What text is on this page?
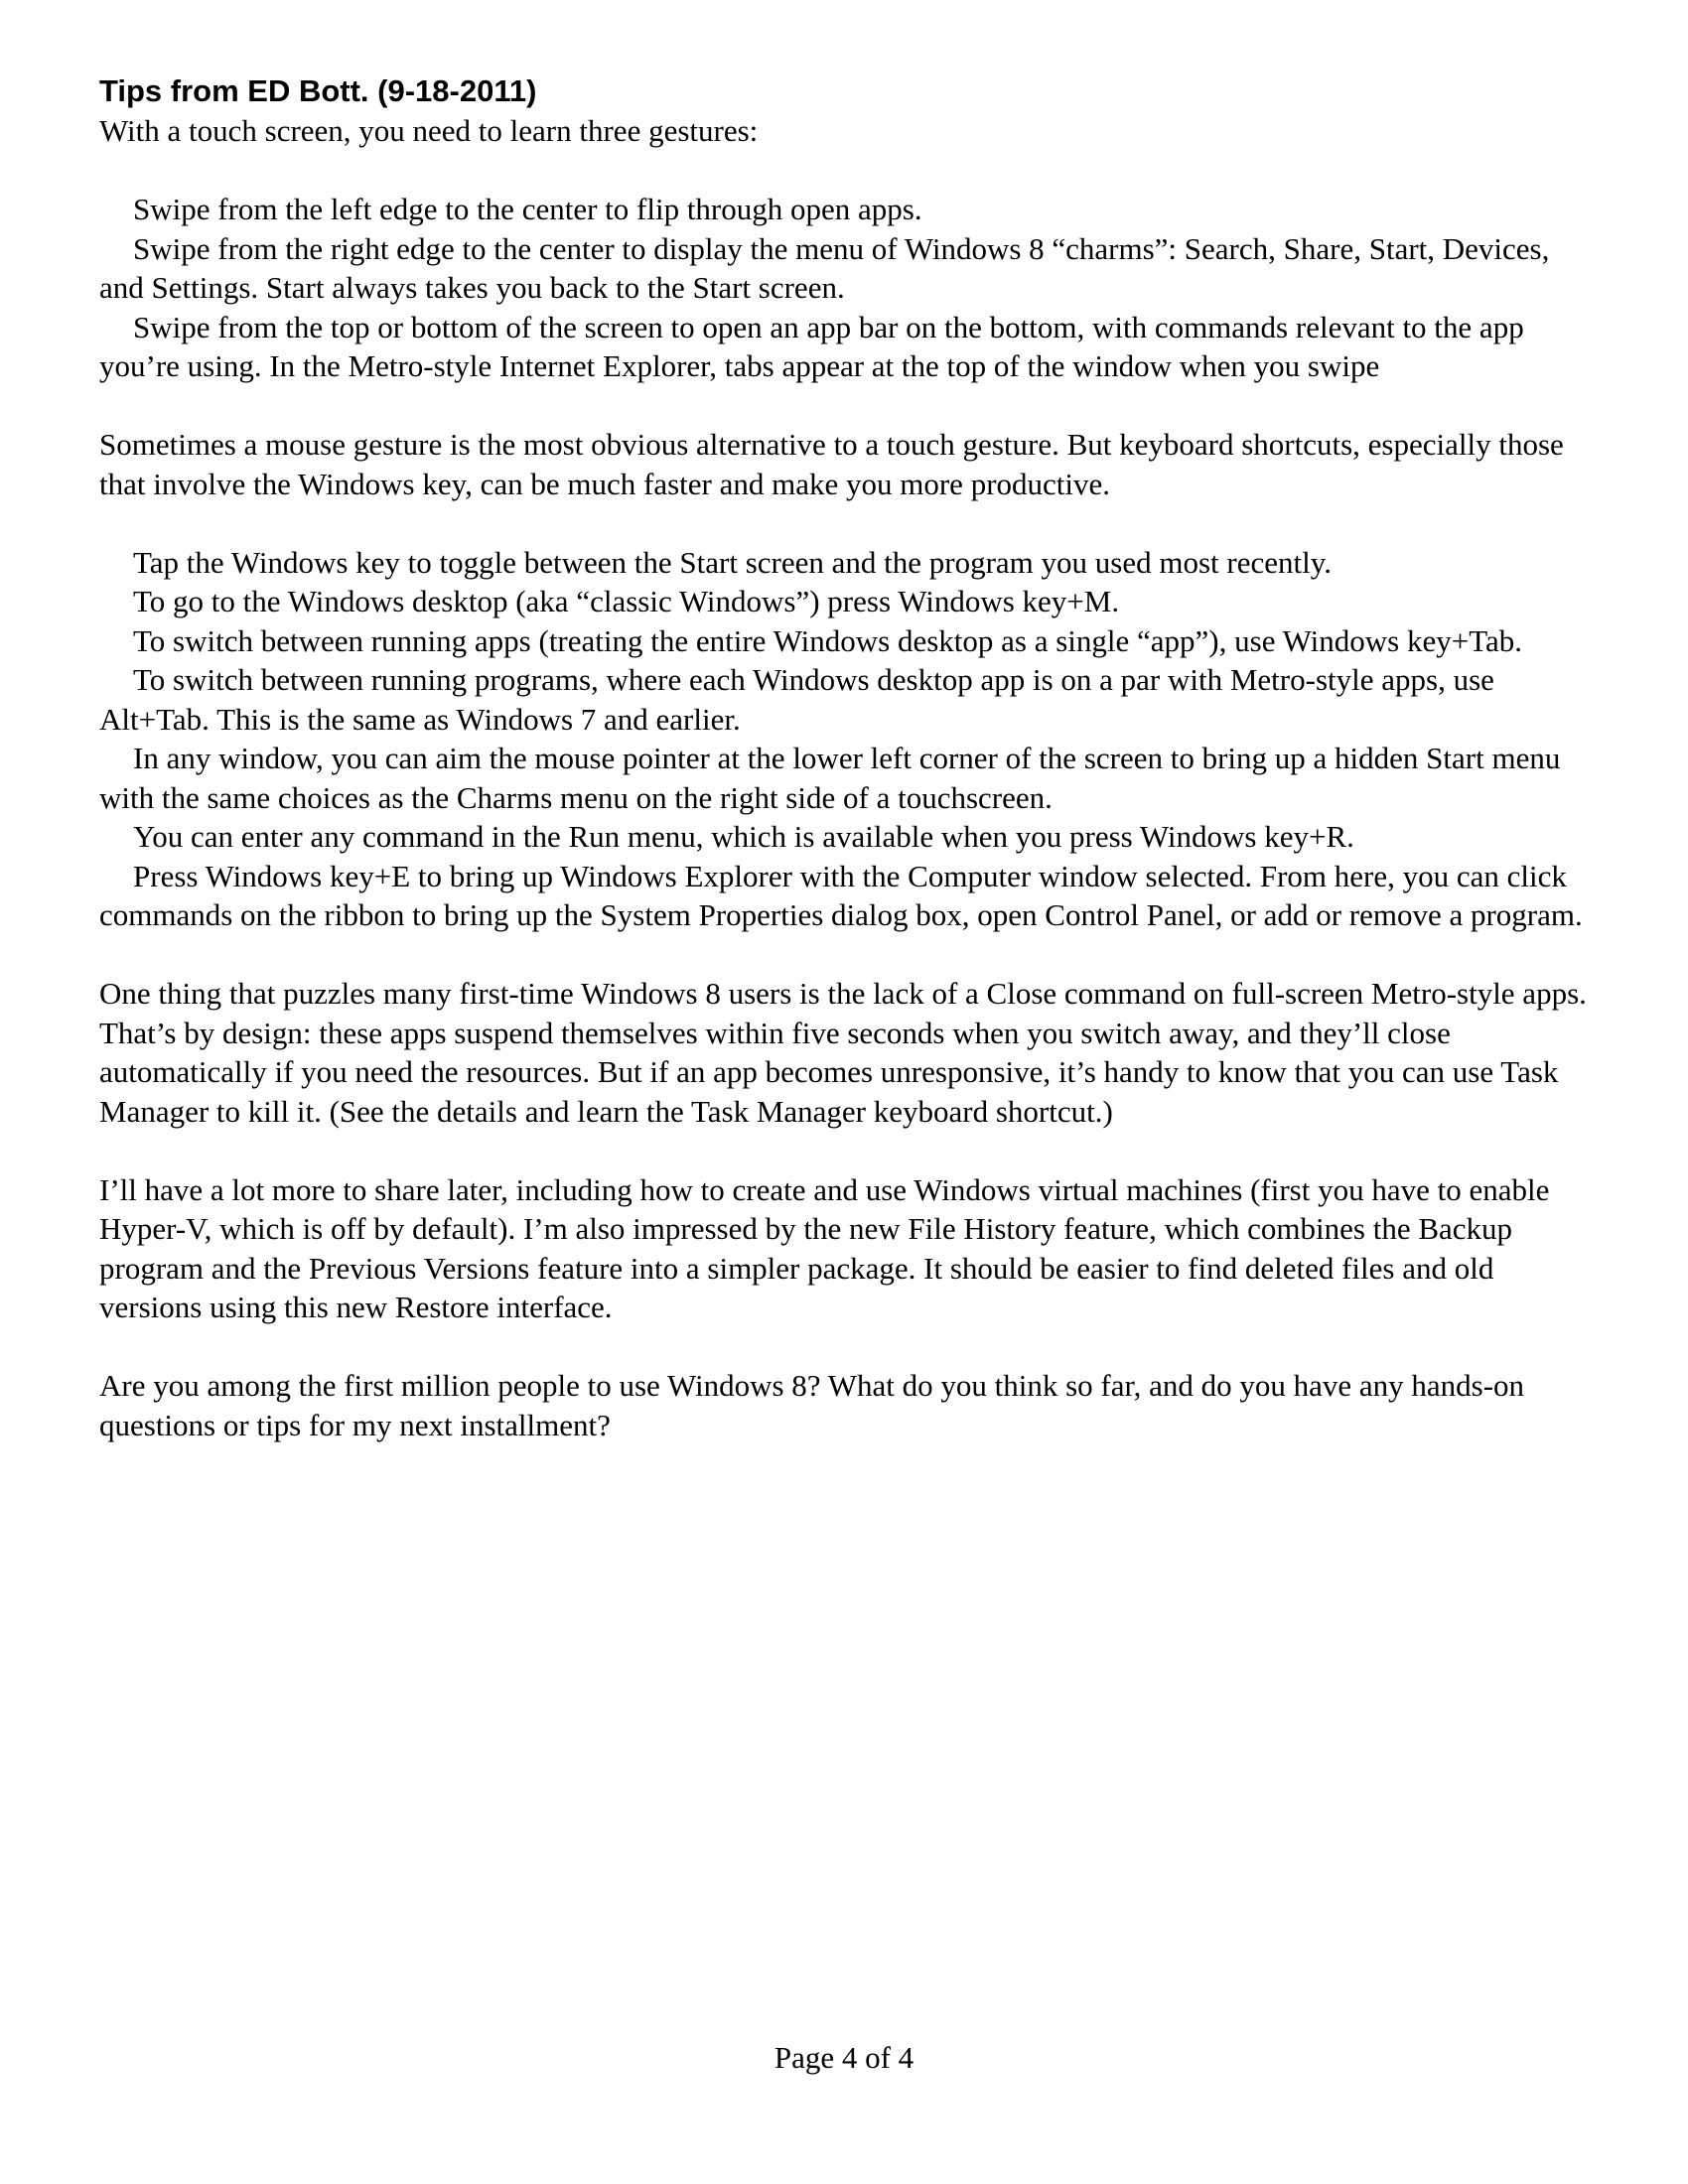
Tips from ED Bott. (9-18-2011)

With a touch screen, you need to learn three gestures:

Swipe from the left edge to the center to flip through open apps.

Swipe from the right edge to the center to display the menu of Windows 8 “charms”: Search, Share, Start, Devices, and Settings. Start always takes you back to the Start screen.

Swipe from the top or bottom of the screen to open an app bar on the bottom, with commands relevant to the app you’re using. In the Metro-style Internet Explorer, tabs appear at the top of the window when you swipe

Sometimes a mouse gesture is the most obvious alternative to a touch gesture. But keyboard shortcuts, especially those that involve the Windows key, can be much faster and make you more productive.

Tap the Windows key to toggle between the Start screen and the program you used most recently.

To go to the Windows desktop (aka “classic Windows”) press Windows key+M.

To switch between running apps (treating the entire Windows desktop as a single “app”), use Windows key+Tab.

To switch between running programs, where each Windows desktop app is on a par with Metro-style apps, use Alt+Tab. This is the same as Windows 7 and earlier.

In any window, you can aim the mouse pointer at the lower left corner of the screen to bring up a hidden Start menu with the same choices as the Charms menu on the right side of a touchscreen.

You can enter any command in the Run menu, which is available when you press Windows key+R.

Press Windows key+E to bring up Windows Explorer with the Computer window selected. From here, you can click commands on the ribbon to bring up the System Properties dialog box, open Control Panel, or add or remove a program.

One thing that puzzles many first-time Windows 8 users is the lack of a Close command on full-screen Metro-style apps. That’s by design: these apps suspend themselves within five seconds when you switch away, and they’ll close automatically if you need the resources. But if an app becomes unresponsive, it’s handy to know that you can use Task Manager to kill it. (See the details and learn the Task Manager keyboard shortcut.)

I’ll have a lot more to share later, including how to create and use Windows virtual machines (first you have to enable Hyper-V, which is off by default). I’m also impressed by the new File History feature, which combines the Backup program and the Previous Versions feature into a simpler package. It should be easier to find deleted files and old versions using this new Restore interface.

Are you among the first million people to use Windows 8? What do you think so far, and do you have any hands-on questions or tips for my next installment?

Page 4 of 4
